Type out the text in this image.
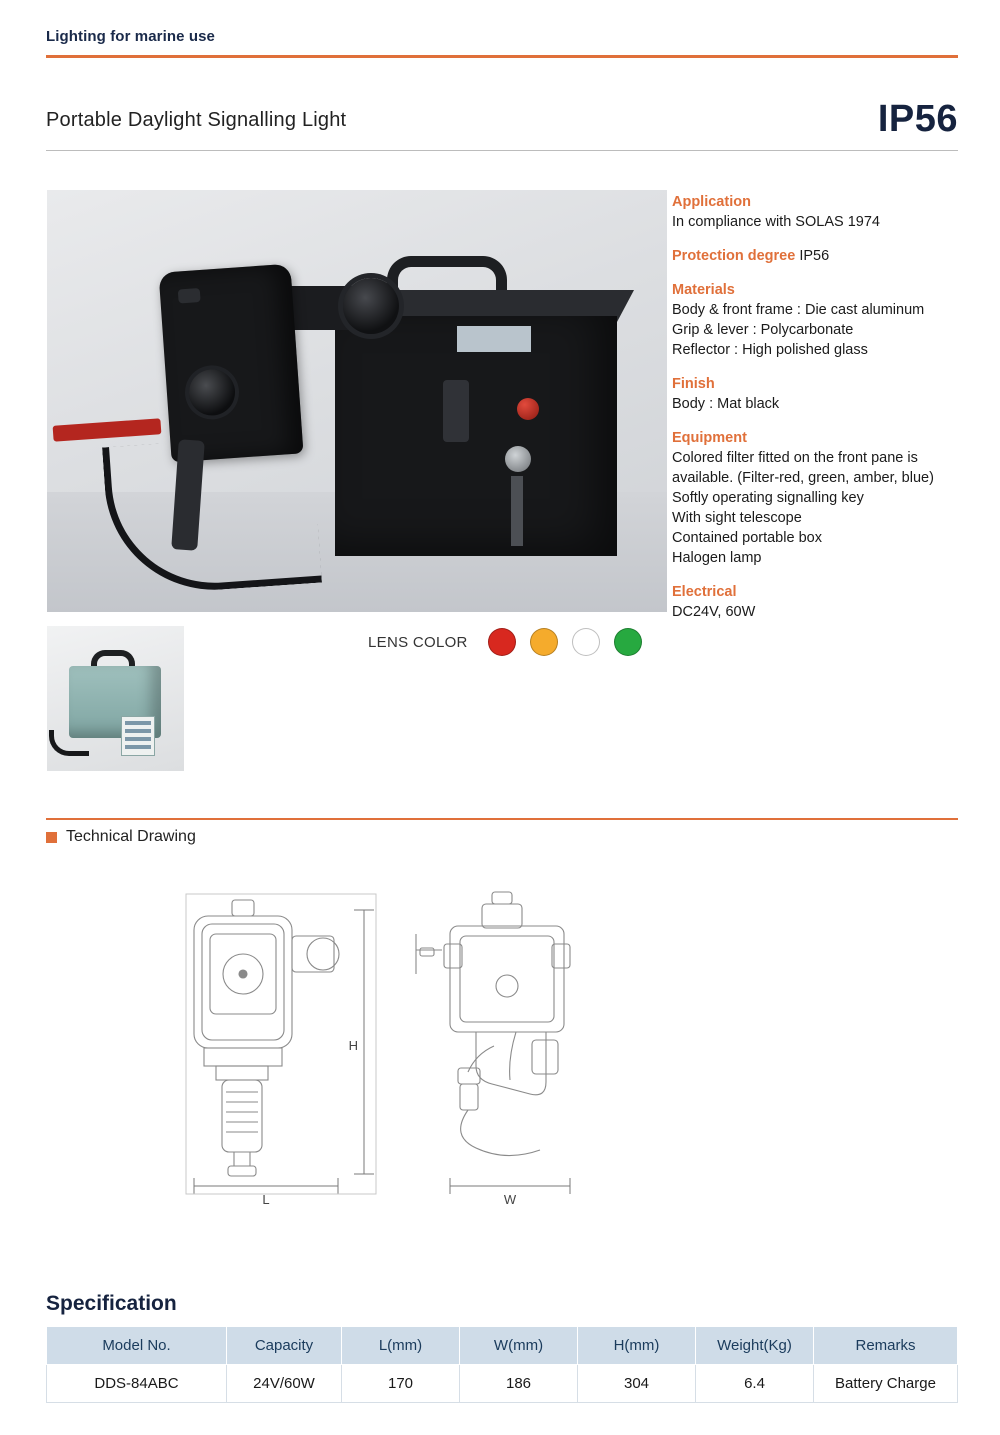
Lighting for marine use
Portable Daylight Signalling Light	IP56
LENS COLOR
Application
In compliance with SOLAS 1974
Protection degree IP56
Materials
Body & front frame : Die cast aluminum
Grip & lever : Polycarbonate
Reflector : High polished glass
Finish
Body : Mat black
Equipment
Colored filter fitted on the front pane is
available. (Filter-red, green, amber, blue)
Softly operating signalling key
With sight telescope
Contained portable box
Halogen lamp
Electrical
DC24V, 60W
Technical Drawing
H
L	W
Specification
Model No.	Capacity	L(mm)	W(mm)	H(mm)	Weight(Kg)	Remarks
DDS-84ABC	24V/60W	170	186	304	6.4	Battery Charge
